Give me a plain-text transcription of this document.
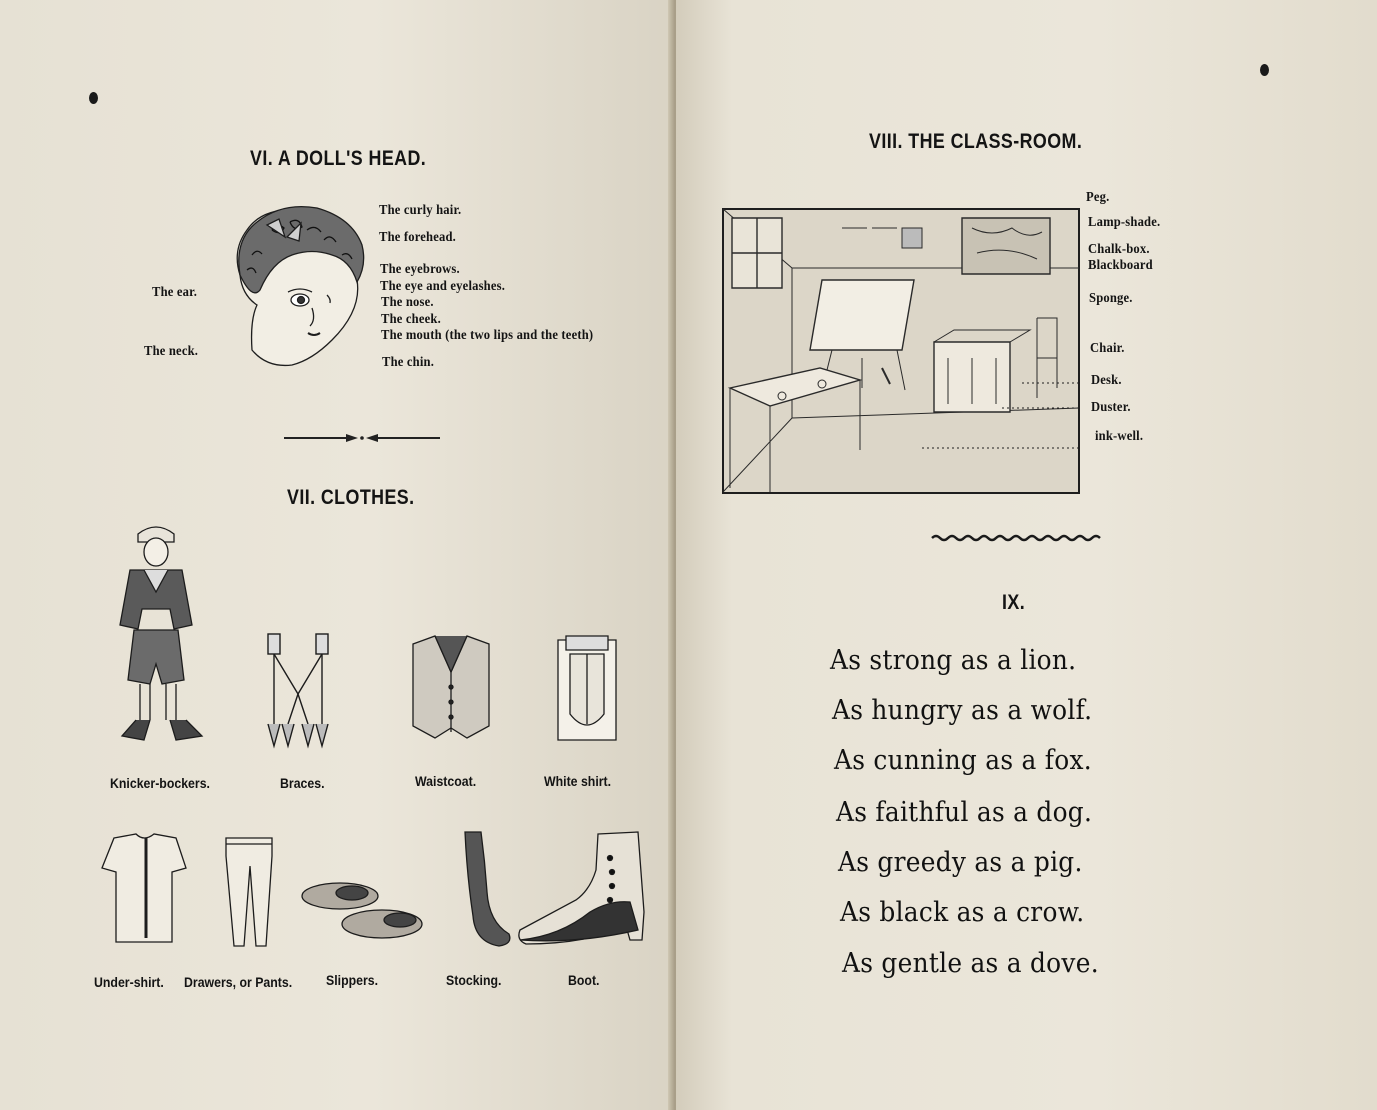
VI. A DOLL'S HEAD.
The curly hair.
The forehead.
The eyebrows.
The eye and eyelashes.
The nose.
The cheek.
The mouth (the two lips and the teeth)
The chin.
The ear.
The neck.
VII. CLOTHES.
Knicker-bockers.	Braces.	Waistcoat.	White shirt.
Under-shirt. Drawers, or Pants. Slippers.	Stocking.	Boot.
VIII. THE CLASS-ROOM.
Peg.
Lamp-shade.
Chalk-box.
Blackboard
Sponge.
Chair.
Desk.
Duster.
ink-well.
IX.
As strong as a lion.
As hungry as a wolf.
As cunning as a fox.
As faithful as a dog.
As greedy as a pig.
As black as a crow.
As gentle as a dove.
